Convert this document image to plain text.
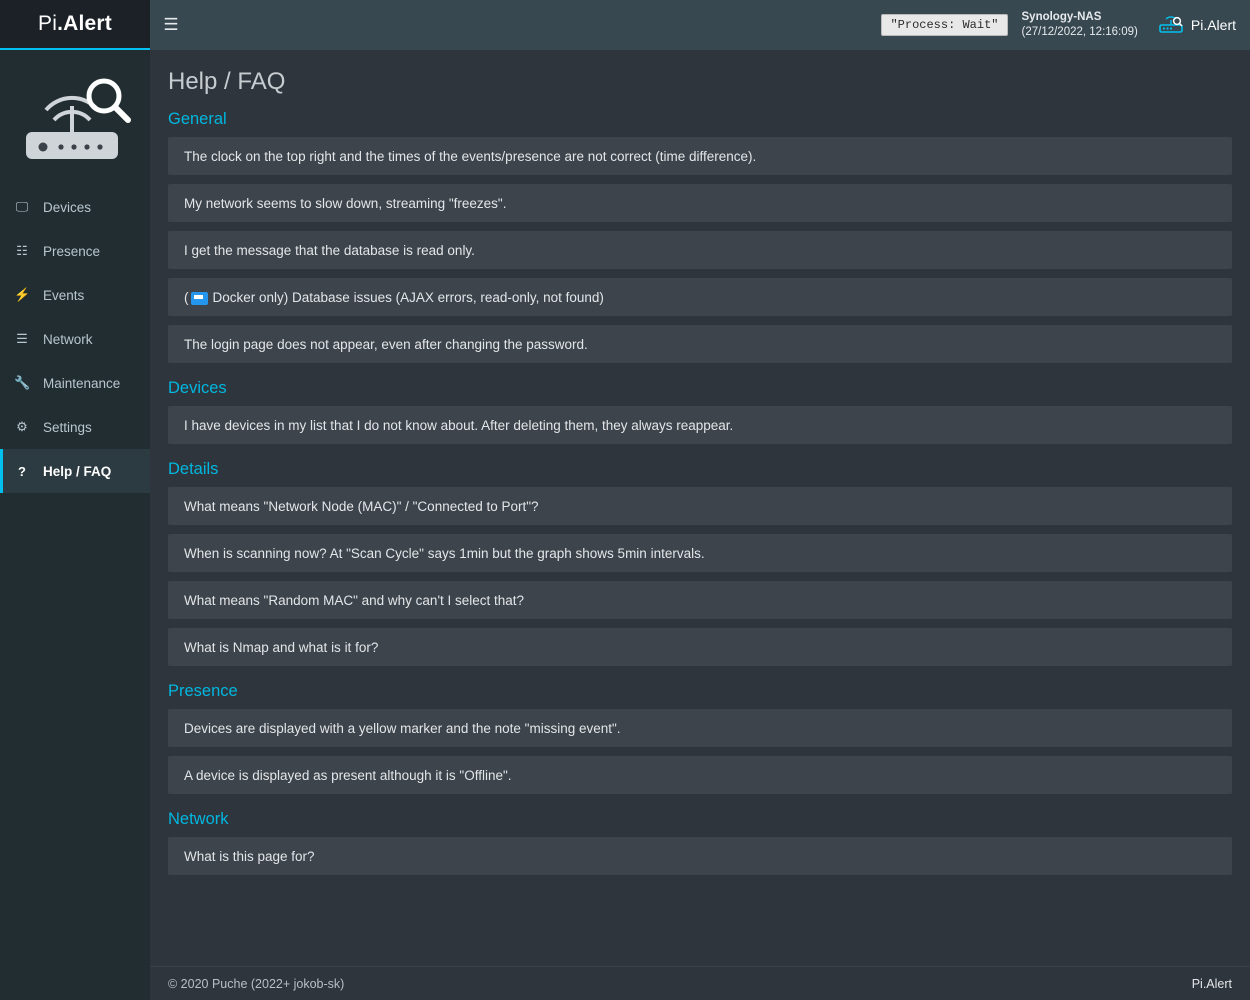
Pi .Alert	☰	"Process: Wait"
Synology-NAS
(27/12/2022, 12:16:09)	Pi.Alert
🖵 Devices
☷ Presence
⚡ Events
☰ Network
🔧 Maintenance
⚙ Settings
? Help / FAQ
Help / FAQ
General
The clock on the top right and the times of the events/presence are not correct (time difference).
My network seems to slow down, streaming "freezes".
I get the message that the database is read only.
( Docker only) Database issues (AJAX errors, read-only, not found)
The login page does not appear, even after changing the password.
Devices
I have devices in my list that I do not know about. After deleting them, they always reappear.
Details
What means "Network Node (MAC)" / "Connected to Port"?
When is scanning now? At "Scan Cycle" says 1min but the graph shows 5min intervals.
What means "Random MAC" and why can't I select that?
What is Nmap and what is it for?
Presence
Devices are displayed with a yellow marker and the note "missing event".
A device is displayed as present although it is "Offline".
Network
What is this page for?
© 2020 Puche (2022+ jokob-sk)	Pi.Alert
